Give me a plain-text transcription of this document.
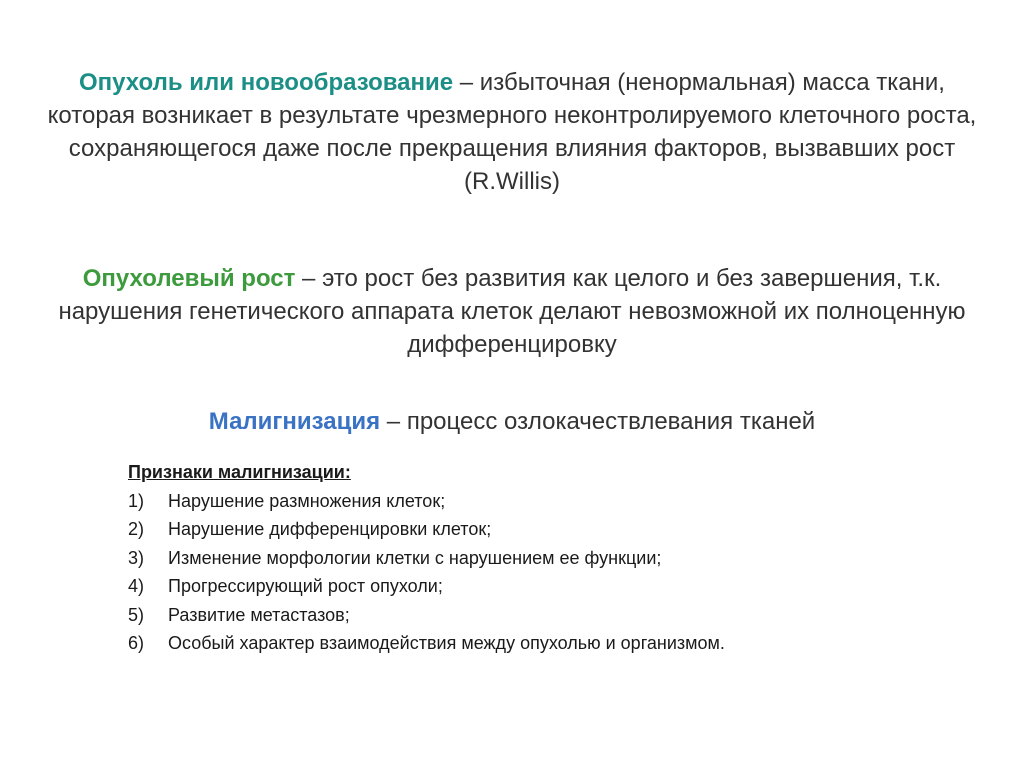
Опухоль или новообразование – избыточная (ненормальная) масса ткани, которая возникает в результате чрезмерного неконтролируемого клеточного роста, сохраняющегося даже после прекращения влияния факторов, вызвавших рост (R.Willis)

Опухолевый рост – это рост без развития как целого и без завершения, т.к. нарушения генетического аппарата клеток делают невозможной их полноценную дифференцировку

Малигнизация – процесс озлокачествлевания тканей

Признаки малигнизации:

1)	Нарушение размножения клеток;
2)	Нарушение дифференцировки клеток;
3)	Изменение морфологии клетки с нарушением ее функции;
4)	Прогрессирующий рост опухоли;
5)	Развитие метастазов;
6)	Особый характер взаимодействия между опухолью и организмом.
